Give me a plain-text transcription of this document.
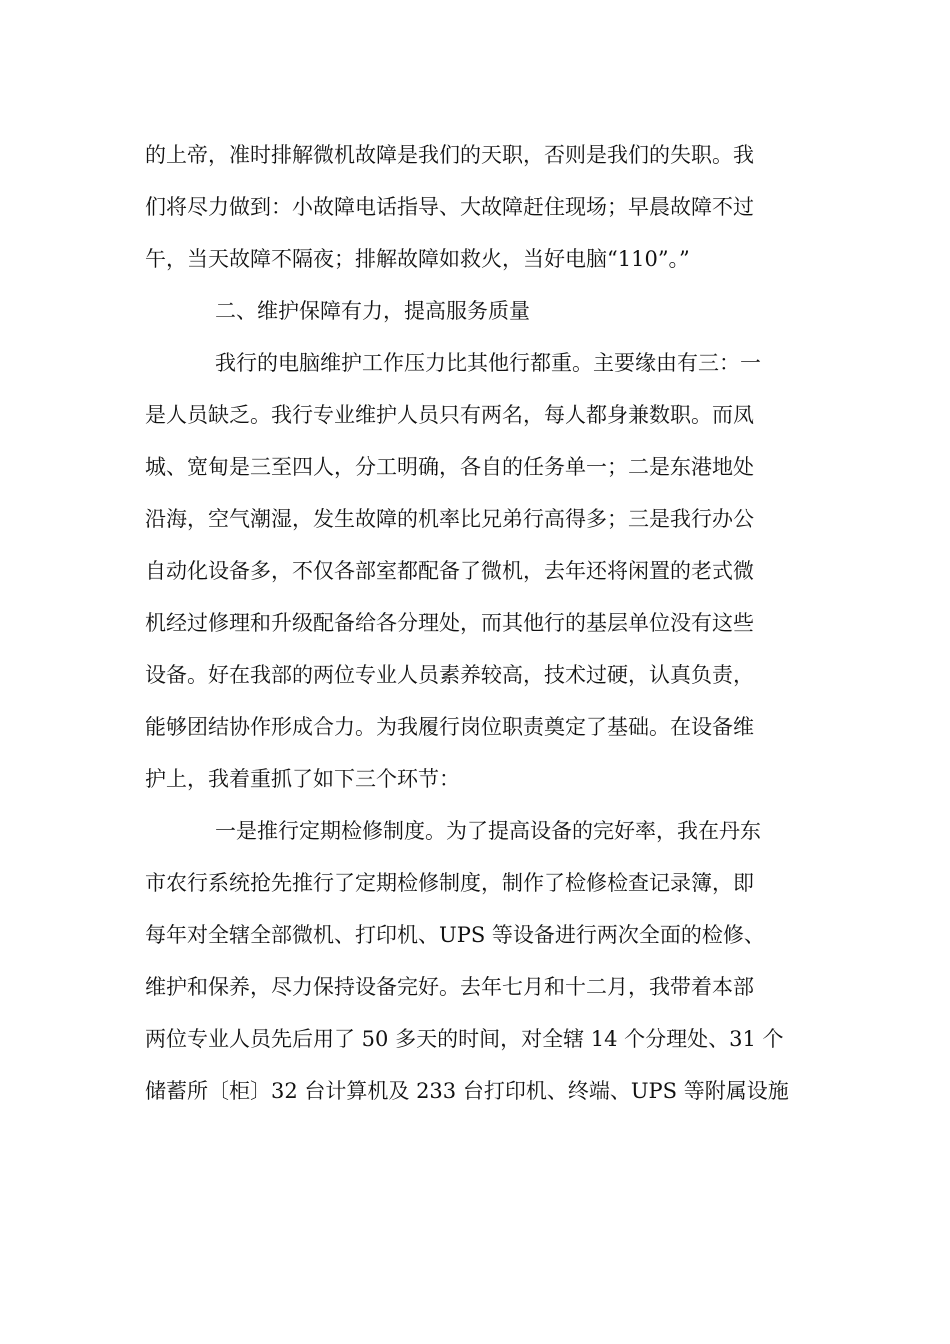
的上帝，准时排解微机故障是我们的天职，否则是我们的失职。我
们将尽力做到：小故障电话指导、大故障赶住现场；早晨故障不过
午，当天故障不隔夜；排解故障如救火，当好电脑“110”。”
二、维护保障有力，提高服务质量
我行的电脑维护工作压力比其他行都重。主要缘由有三：一
是人员缺乏。我行专业维护人员只有两名，每人都身兼数职。而凤
城、宽甸是三至四人，分工明确，各自的任务单一；二是东港地处
沿海，空气潮湿，发生故障的机率比兄弟行高得多；三是我行办公
自动化设备多，不仅各部室都配备了微机，去年还将闲置的老式微
机经过修理和升级配备给各分理处，而其他行的基层单位没有这些
设备。好在我部的两位专业人员素养较高，技术过硬，认真负责，
能够团结协作形成合力。为我履行岗位职责奠定了基础。在设备维
护上，我着重抓了如下三个环节：
一是推行定期检修制度。为了提高设备的完好率，我在丹东
市农行系统抢先推行了定期检修制度，制作了检修检查记录簿，即
每年对全辖全部微机、打印机、UPS 等设备进行两次全面的检修、
维护和保养，尽力保持设备完好。去年七月和十二月，我带着本部
两位专业人员先后用了 50 多天的时间，对全辖 14 个分理处、31 个
储蓄所〔柜〕32 台计算机及 233 台打印机、终端、UPS 等附属设施
